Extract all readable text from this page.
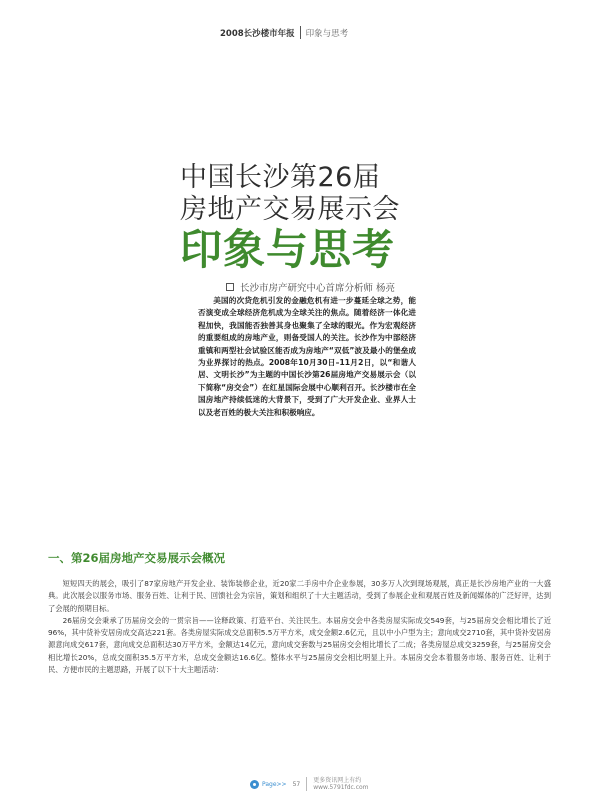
2008长沙楼市年报 印象与思考
中国长沙第26届
房地产交易展示会
印象与思考
长沙市房产研究中心首席分析师 杨亮
美国的次贷危机引发的金融危机有进一步蔓延全球之势，能否演变成全球经济危机成为全球关注的焦点。随着经济一体化进程加快，我国能否独善其身也聚集了全球的眼光。作为宏观经济的重要组成的房地产业，则备受国人的关注。长沙作为中部经济重镇和两型社会试验区能否成为房地产“双低”波及最小的堡垒成为业界探讨的热点。2008年10月30日–11月2日，以“和谐人居、文明长沙”为主题的中国长沙第26届房地产交易展示会（以下简称“房交会”）在红星国际会展中心顺利召开。长沙楼市在全国房地产持续低迷的大背景下，受到了广大开发企业、业界人士以及老百姓的极大关注和积极响应。
一、第26届房地产交易展示会概况

短短四天的展会，吸引了87家房地产开发企业、装饰装修企业，近20家二手房中介企业参展，30多万人次到现场观展，真正是长沙房地产业的一大盛典。此次展会以服务市场、服务百姓、让利于民、回馈社会为宗旨，策划和组织了十大主题活动，受到了参展企业和观展百姓及新闻媒体的广泛好评，达到了会展的预期目标。

26届房交会秉承了历届房交会的一贯宗旨——诠释政策、打造平台、关注民生。本届房交会中各类房屋实际成交549套，与25届房交会相比增长了近96%，其中货补安居房成交高达221套。各类房屋实际成交总面积5.5万平方米，成交金额2.6亿元，且以中小户型为主；意向成交2710套，其中货补安居房源意向成交617套，意向成交总面积达30万平方米，金额达14亿元，意向成交套数与25届房交会相比增长了二成；各类房屋总成交3259套，与25届房交会相比增长20%，总成交面积35.5万平方米，总成交金额达16.6亿。整体水平与25届房交会相比明显上升。本届房交会本着服务市场、服务百姓、让利于民、方便市民的主题思路，开展了以下十大主题活动：

Page>> 57 更多资讯网上有约
www.5791fdc.com
